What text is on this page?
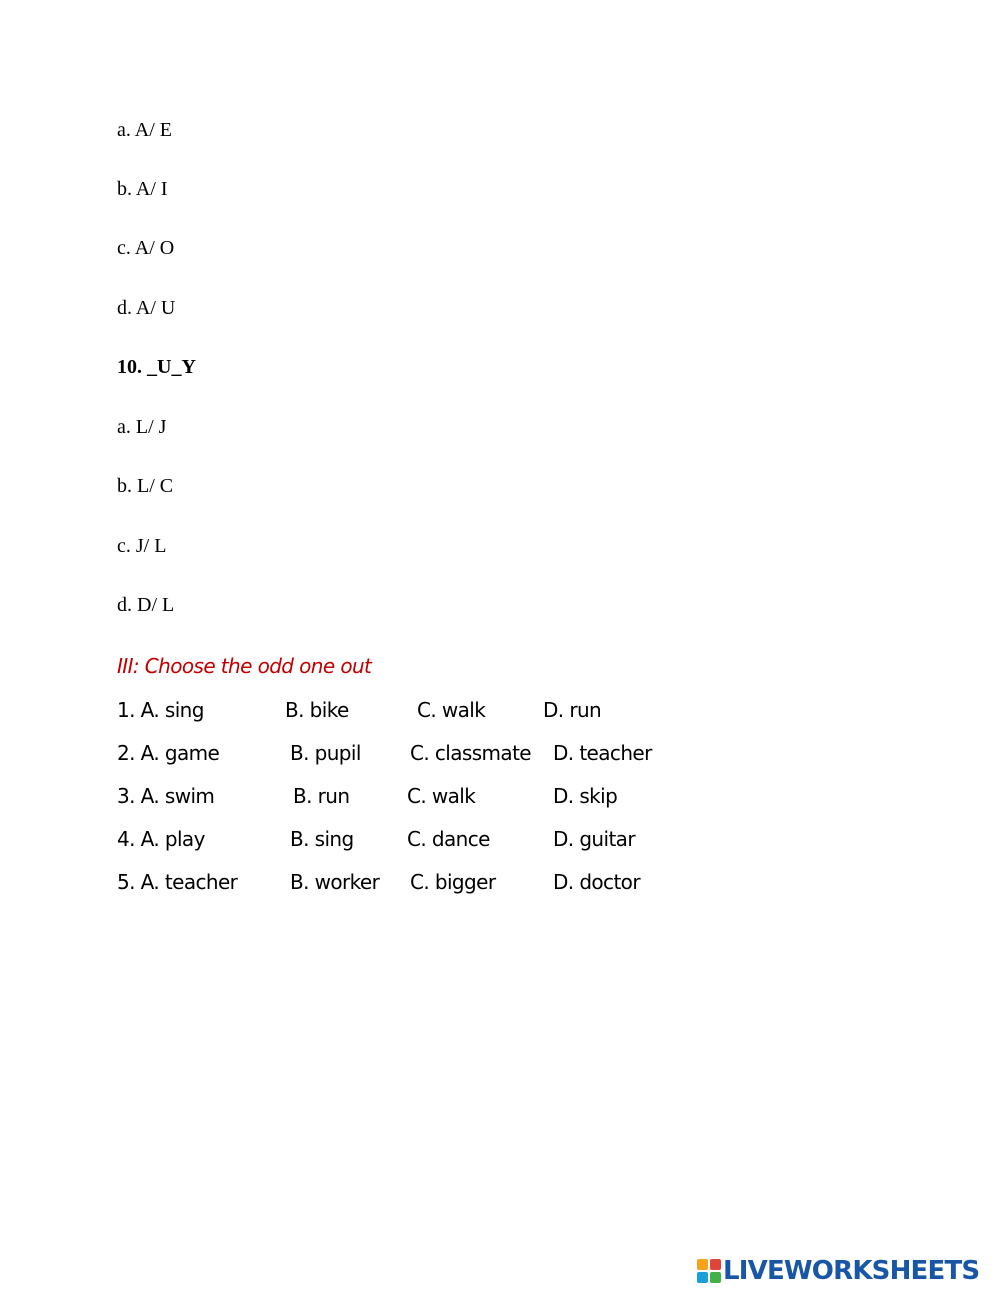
a. A/ E
b. A/ I
c. A/ O
d. A/ U
10. _U_Y
a. L/ J
b. L/ C
c. J/ L
d. D/ L
III: Choose the odd one out
1. A. sing	B. bike	C. walk	D. run
2. A. game	B. pupil C. classmate D. teacher
3. A. swim	B. run	C. walk	D. skip
4. A. play	B. sing	C. dance	D. guitar
5. A. teacher	B. worker C. bigger	D. doctor
LIVEWORKSHEETS
